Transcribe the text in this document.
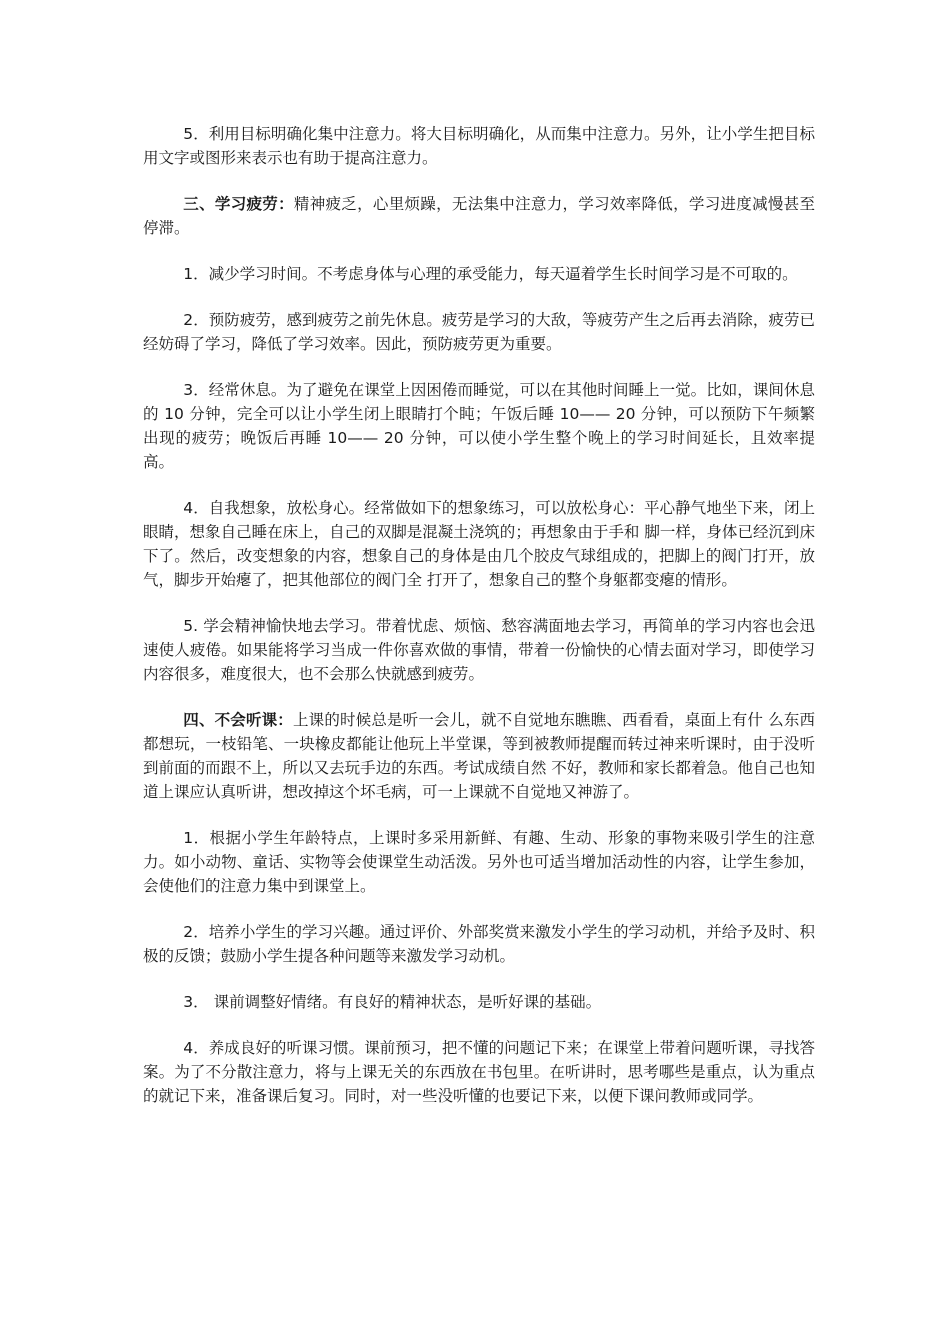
5．利用目标明确化集中注意力。将大目标明确化，从而集中注意力。另外，让小学生把目标用文字或图形来表示也有助于提高注意力。

三、学习疲劳：精神疲乏，心里烦躁，无法集中注意力，学习效率降低，学习进度减慢甚至停滞。

1．减少学习时间。不考虑身体与心理的承受能力，每天逼着学生长时间学习是不可取的。

2．预防疲劳，感到疲劳之前先休息。疲劳是学习的大敌，等疲劳产生之后再去消除，疲劳已经妨碍了学习，降低了学习效率。因此，预防疲劳更为重要。

3．经常休息。为了避免在课堂上因困倦而睡觉，可以在其他时间睡上一觉。比如，课间休息的 10 分钟，完全可以让小学生闭上眼睛打个盹；午饭后睡 10—— 20 分钟，可以预防下午频繁出现的疲劳；晚饭后再睡 10—— 20 分钟，可以使小学生整个晚上的学习时间延长，且效率提高。

4．自我想象，放松身心。经常做如下的想象练习，可以放松身心：平心静气地坐下来，闭上眼睛，想象自己睡在床上，自己的双脚是混凝土浇筑的；再想象由于手和 脚一样，身体已经沉到床下了。然后，改变想象的内容，想象自己的身体是由几个胶皮气球组成的，把脚上的阀门打开，放气，脚步开始瘪了，把其他部位的阀门全 打开了，想象自己的整个身躯都变瘪的情形。

5. 学会精神愉快地去学习。带着忧虑、烦恼、愁容满面地去学习，再简单的学习内容也会迅速使人疲倦。如果能将学习当成一件你喜欢做的事情，带着一份愉快的心情去面对学习，即使学习内容很多，难度很大，也不会那么快就感到疲劳。

四、不会听课：上课的时候总是听一会儿，就不自觉地东瞧瞧、西看看，桌面上有什 么东西都想玩，一枝铅笔、一块橡皮都能让他玩上半堂课，等到被教师提醒而转过神来听课时，由于没听到前面的而跟不上，所以又去玩手边的东西。考试成绩自然 不好，教师和家长都着急。他自己也知道上课应认真听讲，想改掉这个坏毛病，可一上课就不自觉地又神游了。

1．根据小学生年龄特点，上课时多采用新鲜、有趣、生动、形象的事物来吸引学生的注意力。如小动物、童话、实物等会使课堂生动活泼。另外也可适当增加活动性的内容，让学生参加，会使他们的注意力集中到课堂上。

2．培养小学生的学习兴趣。通过评价、外部奖赏来激发小学生的学习动机，并给予及时、积极的反馈；鼓励小学生提各种问题等来激发学习动机。

3． 课前调整好情绪。有良好的精神状态，是听好课的基础。

4．养成良好的听课习惯。课前预习，把不懂的问题记下来；在课堂上带着问题听课，寻找答案。为了不分散注意力，将与上课无关的东西放在书包里。在听讲时，思考哪些是重点，认为重点的就记下来，准备课后复习。同时，对一些没听懂的也要记下来，以便下课问教师或同学。
